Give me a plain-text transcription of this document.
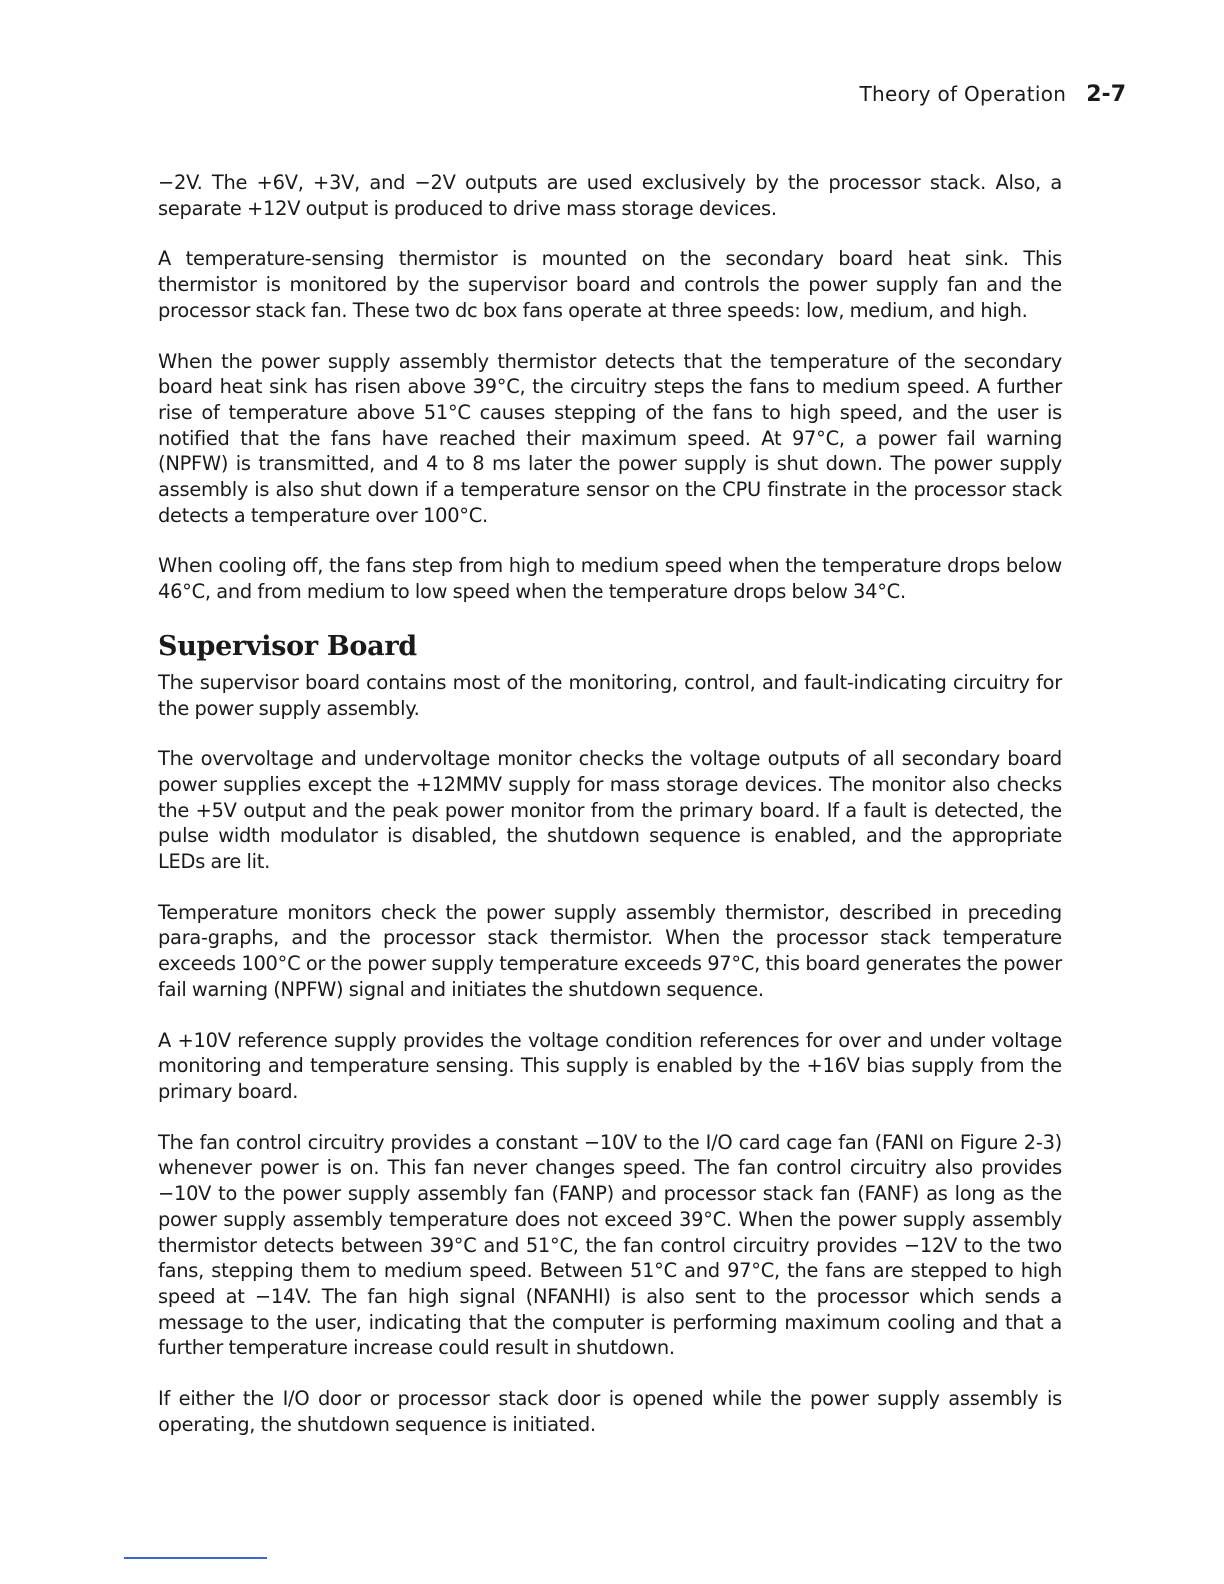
Theory of Operation 2-7

−2V. The +6V, +3V, and −2V outputs are used exclusively by the processor stack. Also, a separate +12V output is produced to drive mass storage devices.

A temperature-sensing thermistor is mounted on the secondary board heat sink. This thermistor is monitored by the supervisor board and controls the power supply fan and the processor stack fan. These two dc box fans operate at three speeds: low, medium, and high.

When the power supply assembly thermistor detects that the temperature of the secondary board heat sink has risen above 39°C, the circuitry steps the fans to medium speed. A further rise of temperature above 51°C causes stepping of the fans to high speed, and the user is notified that the fans have reached their maximum speed. At 97°C, a power fail warning (NPFW) is transmitted, and 4 to 8 ms later the power supply is shut down. The power supply assembly is also shut down if a temperature sensor on the CPU finstrate in the processor stack detects a temperature over 100°C.

When cooling off, the fans step from high to medium speed when the temperature drops below 46°C, and from medium to low speed when the temperature drops below 34°C.

Supervisor Board

The supervisor board contains most of the monitoring, control, and fault-indicating circuitry for the power supply assembly.

The overvoltage and undervoltage monitor checks the voltage outputs of all secondary board power supplies except the +12MMV supply for mass storage devices. The monitor also checks the +5V output and the peak power monitor from the primary board. If a fault is detected, the pulse width modulator is disabled, the shutdown sequence is enabled, and the appropriate LEDs are lit.

Temperature monitors check the power supply assembly thermistor, described in preceding para-graphs, and the processor stack thermistor. When the processor stack temperature exceeds 100°C or the power supply temperature exceeds 97°C, this board generates the power fail warning (NPFW) signal and initiates the shutdown sequence.

A +10V reference supply provides the voltage condition references for over and under voltage monitoring and temperature sensing. This supply is enabled by the +16V bias supply from the primary board.

The fan control circuitry provides a constant −10V to the I/O card cage fan (FANI on Figure 2-3) whenever power is on. This fan never changes speed. The fan control circuitry also provides −10V to the power supply assembly fan (FANP) and processor stack fan (FANF) as long as the power supply assembly temperature does not exceed 39°C. When the power supply assembly thermistor detects between 39°C and 51°C, the fan control circuitry provides −12V to the two fans, stepping them to medium speed. Between 51°C and 97°C, the fans are stepped to high speed at −14V. The fan high signal (NFANHI) is also sent to the processor which sends a message to the user, indicating that the computer is performing maximum cooling and that a further temperature increase could result in shutdown.

If either the I/O door or processor stack door is opened while the power supply assembly is operating, the shutdown sequence is initiated.
